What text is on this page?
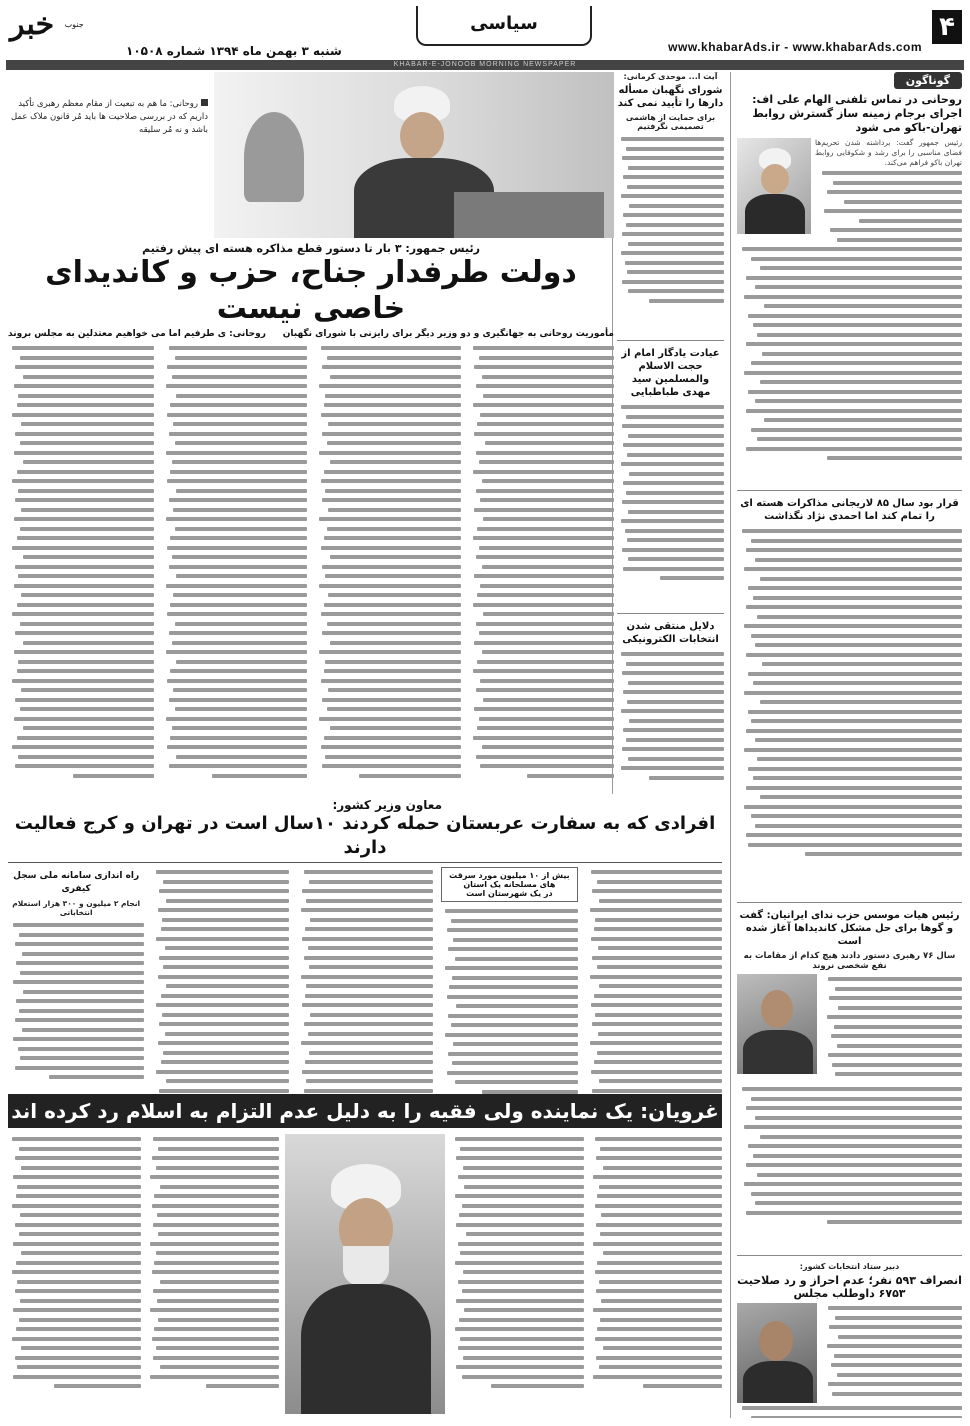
۴
www.khabarAds.ir - www.khabarAds.com
سیاسی
$^{جنوب}$ خبر
شنبه ۳ بهمن ماه ۱۳۹۴ شماره ۱۰۵۰۸
KHABAR-E-JONOOB MORNING NEWSPAPER
گوناگون
روحانی در تماس تلفنی الهام علی اف: اجرای برجام زمینه ساز گسترش روابط تهران-باکو می شود
رئیس جمهور گفت: برداشته شدن تحریم‌ها فضای مناسبی را برای رشد و شکوفایی روابط تهران باکو فراهم می‌کند.
قرار بود سال ۸۵ لاریجانی مذاکرات هسته ای را تمام کند اما احمدی نژاد نگذاشت
رئیس هیات موسس حزب ندای ایرانیان: گفت و گوها برای حل مشکل کاندیداها آغاز شده است
سال ۷۶ رهبری دستور دادند هیچ کدام از مقامات به نفع شخصی نروند
دبیر ستاد انتخابات کشور:
انصراف ۵۹۳ نفر؛ عدم احراز و رد صلاحیت ۶۷۵۳ داوطلب مجلس
آیت ا... موحدی کرمانی:
شورای نگهبان مسأله دارها را تأیید نمی کند
برای حمایت از هاشمی تصمیمی نگرفتیم
عیادت یادگار امام از حجت الاسلام والمسلمین سید مهدی طباطبایی
دلایل منتقی شدن انتخابات الکترونیکی
روحانی: ما هم به تبعیت از مقام معظم رهبری تأکید داریم که در بررسی صلاحیت ها باید مُر قانون ملاک عمل باشد و نه مُر سلیقه
رئیس جمهور: ۳ بار تا دستور قطع مذاکره هسته ای پیش رفتیم
دولت طرفدار جناح، حزب و کاندیدای خاصی نیست
مأموریت روحانی به جهانگیری و دو وزیر دیگر برای رایزنی با شورای نگهبان
روحانی: ی طرفیم اما می خواهیم معتدلین به مجلس بروند
معاون وزیر کشور:
افرادی که به سفارت عربستان حمله کردند ۱۰سال است در تهران و کرج فعالیت دارند
بیش از ۱۰ میلیون مورد سرقت های مسلحانه یک استان
در یک شهرستان است
راه اندازی سامانه ملی سجل کیفری
انجام ۲ میلیون و ۳۰۰ هزار استعلام انتخاباتی
غرویان: یک نماینده ولی فقیه را به دلیل عدم التزام به اسلام رد کرده اند
